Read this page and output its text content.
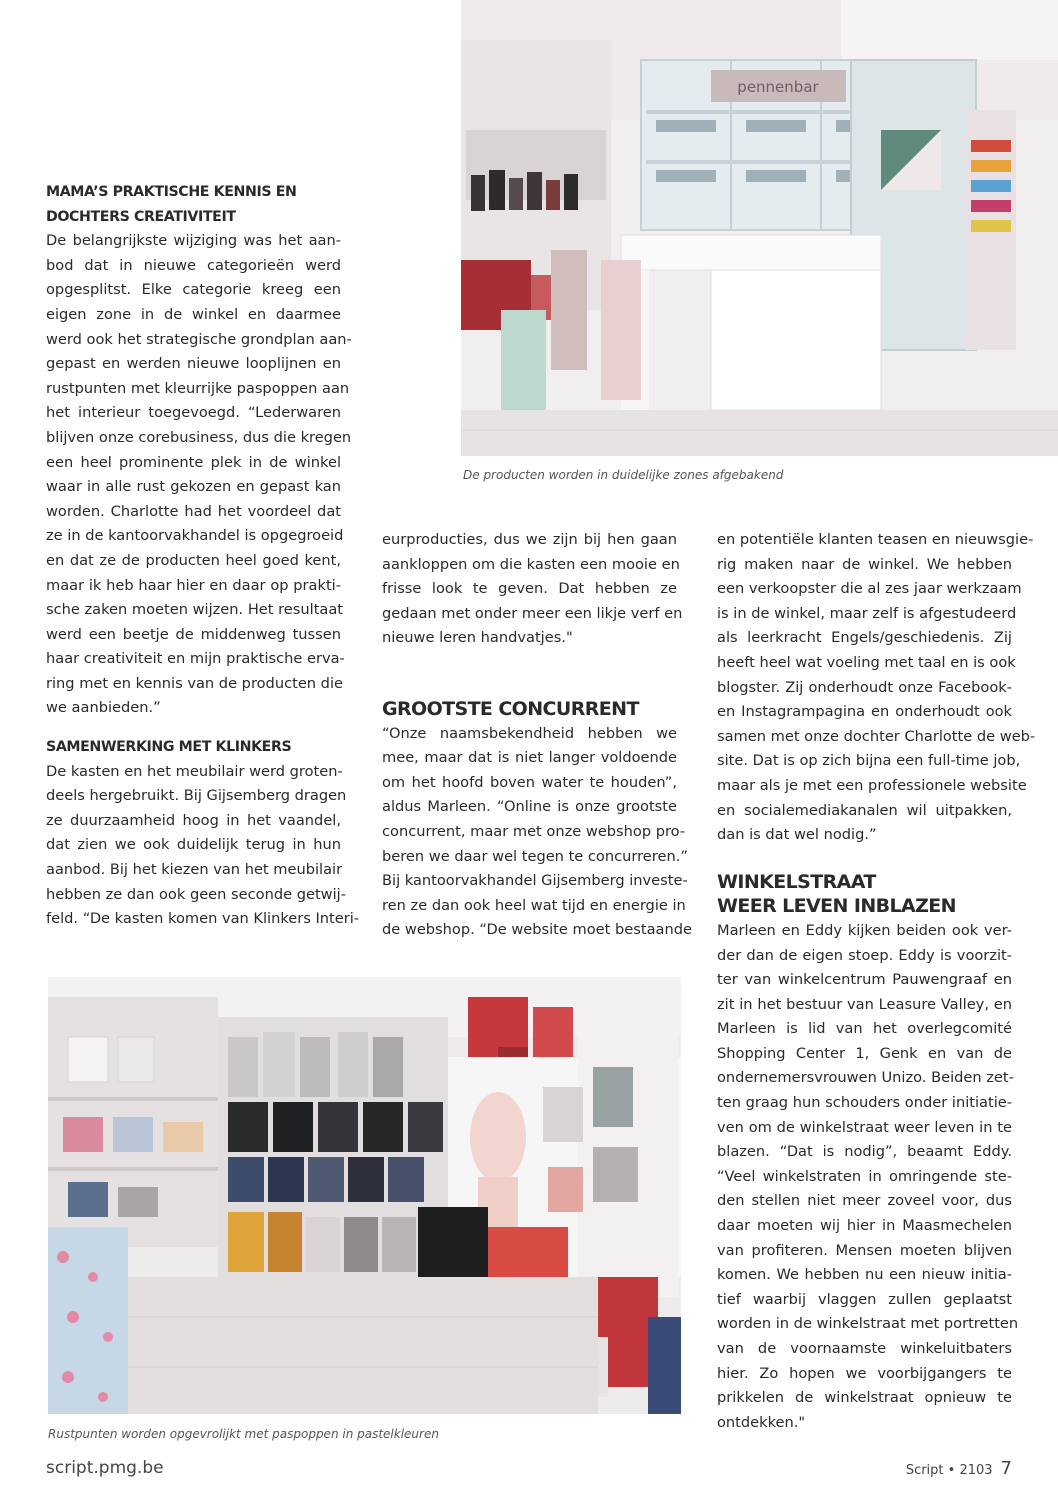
pennenbar
De producten worden in duidelijke zones afgebakend
MAMA’S PRAKTISCHE KENNIS EN
DOCHTERS CREATIVITEIT
De belangrijkste wijziging was het aan-
bod dat in nieuwe categorieën werd
opgesplitst. Elke categorie kreeg een
eigen zone in de winkel en daarmee
werd ook het strategische grondplan aan-
gepast en werden nieuwe looplijnen en
rustpunten met kleurrijke paspoppen aan
het interieur toegevoegd. “Lederwaren
blijven onze corebusiness, dus die kregen
een heel prominente plek in de winkel
waar in alle rust gekozen en gepast kan
worden. Charlotte had het voordeel dat
ze in de kantoorvakhandel is opgegroeid
en dat ze de producten heel goed kent,
maar ik heb haar hier en daar op prakti-
sche zaken moeten wijzen. Het resultaat
werd een beetje de middenweg tussen
haar creativiteit en mijn praktische erva-
ring met en kennis van de producten die
we aanbieden.”
SAMENWERKING MET KLINKERS
De kasten en het meubilair werd groten-
deels hergebruikt. Bij Gijsemberg dragen
ze duurzaamheid hoog in het vaandel,
dat zien we ook duidelijk terug in hun
aanbod. Bij het kiezen van het meubilair
hebben ze dan ook geen seconde getwij-
feld. “De kasten komen van Klinkers Interi-
eurproducties, dus we zijn bij hen gaan
aankloppen om die kasten een mooie en
frisse look te geven. Dat hebben ze
gedaan met onder meer een likje verf en
nieuwe leren handvatjes."
GROOTSTE CONCURRENT
“Onze naamsbekendheid hebben we
mee, maar dat is niet langer voldoende
om het hoofd boven water te houden”,
aldus Marleen. “Online is onze grootste
concurrent, maar met onze webshop pro-
beren we daar wel tegen te concurreren.”
Bij kantoorvakhandel Gijsemberg investe-
ren ze dan ook heel wat tijd en energie in
de webshop. “De website moet bestaande
en potentiële klanten teasen en nieuwsgie-
rig maken naar de winkel. We hebben
een verkoopster die al zes jaar werkzaam
is in de winkel, maar zelf is afgestudeerd
als leerkracht Engels/geschiedenis. Zij
heeft heel wat voeling met taal en is ook
blogster. Zij onderhoudt onze Facebook-
en Instagrampagina en onderhoudt ook
samen met onze dochter Charlotte de web-
site. Dat is op zich bijna een full-time job,
maar als je met een professionele website
en socialemediakanalen wil uitpakken,
dan is dat wel nodig.”
WINKELSTRAAT
WEER LEVEN INBLAZEN
Marleen en Eddy kijken beiden ook ver-
der dan de eigen stoep. Eddy is voorzit-
ter van winkelcentrum Pauwengraaf en
zit in het bestuur van Leasure Valley, en
Marleen is lid van het overlegcomité
Shopping Center 1, Genk en van de
ondernemersvrouwen Unizo. Beiden zet-
ten graag hun schouders onder initiatie-
ven om de winkelstraat weer leven in te
blazen. “Dat is nodig”, beaamt Eddy.
“Veel winkelstraten in omringende ste-
den stellen niet meer zoveel voor, dus
daar moeten wij hier in Maasmechelen
van profiteren. Mensen moeten blijven
komen. We hebben nu een nieuw initia-
tief waarbij vlaggen zullen geplaatst
worden in de winkelstraat met portretten
van de voornaamste winkeluitbaters
hier. Zo hopen we voorbijgangers te
prikkelen de winkelstraat opnieuw te
ontdekken."
Rustpunten worden opgevrolijkt met paspoppen in pastelkleuren
script.pmg.be	Script • 2103 7
